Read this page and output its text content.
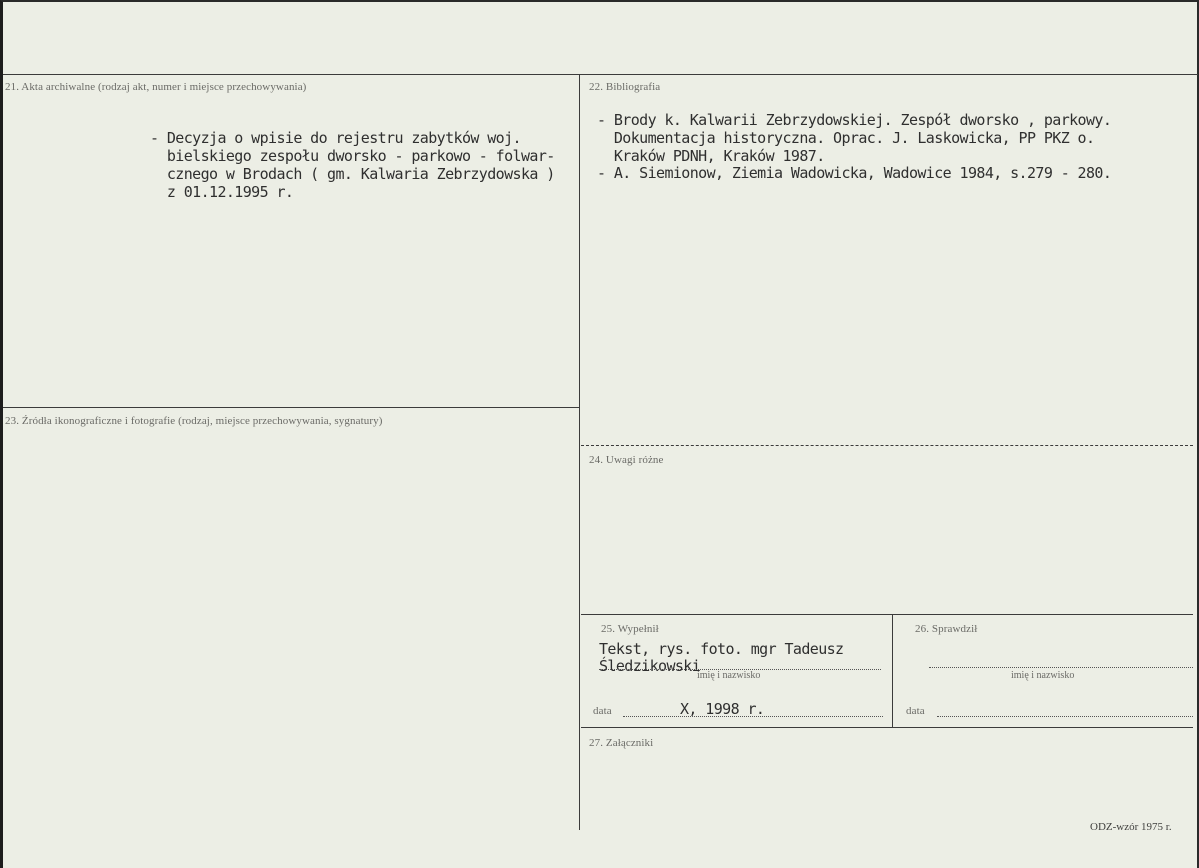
21. Akta archiwalne (rodzaj akt, numer i miejsce przechowywania)
- Decyzja o wpisie do rejestru zabytków woj.
bielskiego zespołu dworsko - parkowo - folwar-
cznego w Brodach ( gm. Kalwaria Zebrzydowska )
z 01.12.1995 r.
22. Bibliografia
- Brody k. Kalwarii Zebrzydowskiej. Zespół dworsko , parkowy.
Dokumentacja historyczna. Oprac. J. Laskowicka, PP PKZ o.
Kraków PDNH, Kraków 1987.
- A. Siemionow, Ziemia Wadowicka, Wadowice 1984, s.279 - 280.
23. Źródła ikonograficzne i fotografie (rodzaj, miejsce przechowywania, sygnatury)
24. Uwagi różne
25. Wypełnił
Tekst, rys. foto. mgr Tadeusz
Śledzikowski
imię i nazwisko
data	X, 1998 r.
26. Sprawdził
imię i nazwisko
data
27. Załączniki
ODZ-wzór 1975 r.
